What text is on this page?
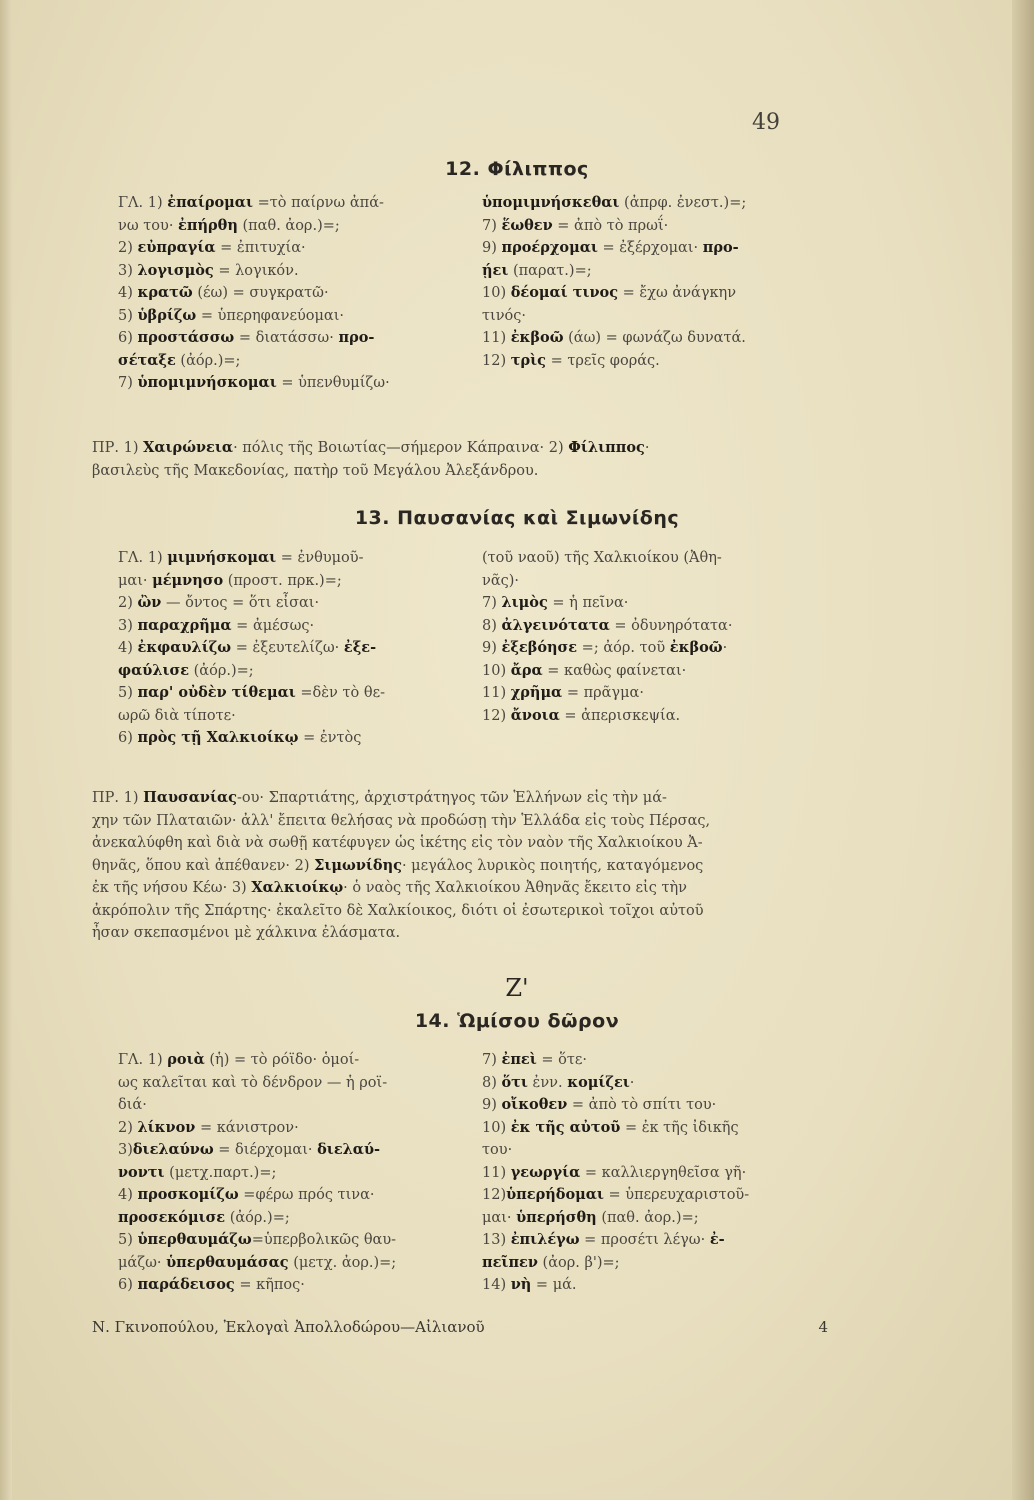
49
12. Φίλιππος
ΓΛ. 1) ἐπαίρομαι =τὸ παίρνω ἀπά-
νω του· ἐπήρθη (παθ. ἀορ.)=;
2) εὐπραγία = ἐπιτυχία·
3) λογισμὸς = λογικόν.
4) κρατῶ (έω) = συγκρατῶ·
5) ὑβρίζω = ὑπερηφανεύομαι·
6) προστάσσω = διατάσσω· προ-
σέταξε (ἀόρ.)=;
7) ὑπομιμνήσκομαι = ὑπενθυμίζω·
ὑπομιμνήσκεθαι (ἀπρφ. ἐνεστ.)=;
7) ἕωθεν = ἀπὸ τὸ πρωΐ·
9) προέρχομαι = ἐξέρχομαι· προ-
ῄει (παρατ.)=;
10) δέομαί τινος = ἔχω ἀνάγκην
τινός·
11) ἐκβοῶ (άω) = φωνάζω δυνατά.
12) τρὶς = τρεῖς φοράς.
ΠΡ. 1) Χαιρώνεια· πόλις τῆς Βοιωτίας—σήμερον Κάπραινα· 2) Φίλιππος·
βασιλεὺς τῆς Μακεδονίας, πατὴρ τοῦ Μεγάλου Ἀλεξάνδρου.
13. Παυσανίας καὶ Σιμωνίδης
ΓΛ. 1) μιμνήσκομαι = ἐνθυμοῦ-
μαι· μέμνησο (προστ. πρκ.)=;
2) ὢν — ὄντος = ὅτι εἶσαι·
3) παραχρῆμα = ἀμέσως·
4) ἐκφαυλίζω = ἐξευτελίζω· ἐξε-
φαύλισε (ἀόρ.)=;
5) παρ' οὐδὲν τίθεμαι =δὲν τὸ θε-
ωρῶ διὰ τίποτε·
6) πρὸς τῇ Χαλκιοίκῳ = ἐντὸς
(τοῦ ναοῦ) τῆς Χαλκιοίκου (Ἀθη-
νᾶς)·
7) λιμὸς = ἡ πεῖνα·
8) ἀλγεινότατα = ὀδυνηρότατα·
9) ἐξεβόησε =; ἀόρ. τοῦ ἐκβοῶ·
10) ἄρα = καθὼς φαίνεται·
11) χρῆμα = πρᾶγμα·
12) ἄνοια = ἀπερισκεψία.
ΠΡ. 1) Παυσανίας-ου· Σπαρτιάτης, ἀρχιστράτηγος τῶν Ἑλλήνων εἰς τὴν μά-
χην τῶν Πλαταιῶν· ἀλλ' ἔπειτα θελήσας νὰ προδώσῃ τὴν Ἑλλάδα εἰς τοὺς Πέρσας,
ἀνεκαλύφθη καὶ διὰ νὰ σωθῇ κατέφυγεν ὡς ἱκέτης εἰς τὸν ναὸν τῆς Χαλκιοίκου Ἀ-
θηνᾶς, ὅπου καὶ ἀπέθανεν· 2) Σιμωνίδης· μεγάλος λυρικὸς ποιητής, καταγόμενος
ἐκ τῆς νήσου Κέω· 3) Χαλκιοίκῳ· ὁ ναὸς τῆς Χαλκιοίκου Ἀθηνᾶς ἔκειτο εἰς τὴν
ἀκρόπολιν τῆς Σπάρτης· ἐκαλεῖτο δὲ Χαλκίοικος, διότι οἱ ἐσωτερικοὶ τοῖχοι αὐτοῦ
ἦσαν σκεπασμένοι μὲ χάλκινα ἐλάσματα.
Ζ'
14. Ὡμίσου δῶρον
ΓΛ. 1) ροιὰ (ἡ) = τὸ ρόϊδο· ὁμοί-
ως καλεῖται καὶ τὸ δένδρον — ἡ ροϊ-
διά·
2) λίκνον = κάνιστρον·
3)διελαύνω = διέρχομαι· διελαύ-
νοντι (μετχ.παρτ.)=;
4) προσκομίζω =φέρω πρός τινα·
προσεκόμισε (ἀόρ.)=;
5) ὑπερθαυμάζω=ὑπερβολικῶς θαυ-
μάζω· ὑπερθαυμάσας (μετχ. ἀορ.)=;
6) παράδεισος = κῆπος·
7) ἐπεὶ = ὅτε·
8) ὅτι ἐνν. κομίζει·
9) οἴκοθεν = ἀπὸ τὸ σπίτι του·
10) ἐκ τῆς αὐτοῦ = ἐκ τῆς ἰδικῆς
του·
11) γεωργία = καλλιεργηθεῖσα γῆ·
12)ὑπερήδομαι = ὑπερευχαριστοῦ-
μαι· ὑπερήσθη (παθ. ἀορ.)=;
13) ἐπιλέγω = προσέτι λέγω· ἐ-
πεῖπεν (ἀορ. β')=;
14) νὴ = μά.
Ν. Γκινοπούλου, Ἐκλογαὶ Ἀπολλοδώρου—Αἰλιανοῦ	4
